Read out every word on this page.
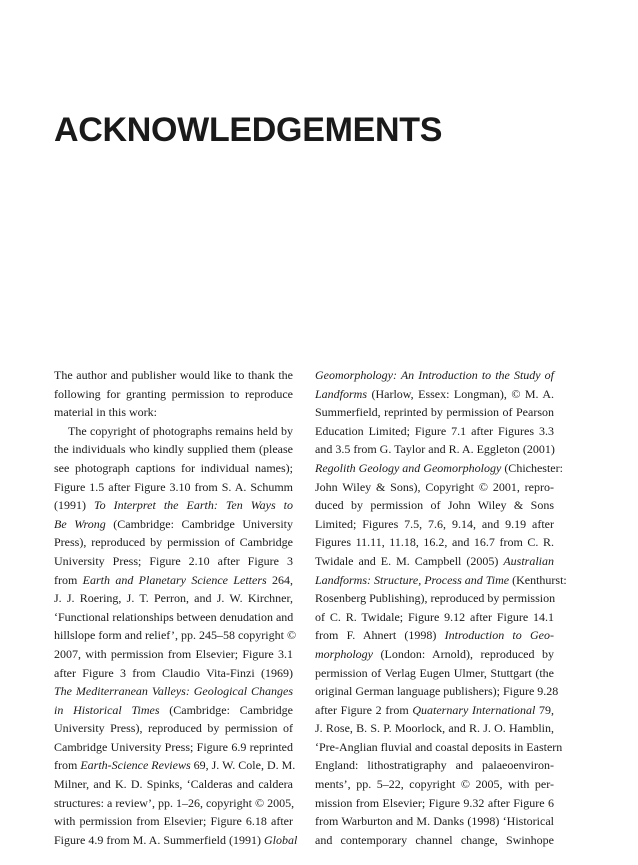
ACKNOWLEDGEMENTS
The author and publisher would like to thank the
following for granting permission to reproduce
material in this work:
The copyright of photographs remains held by
the individuals who kindly supplied them (please
see photograph captions for individual names);
Figure 1.5 after Figure 3.10 from S. A. Schumm
(1991) To Interpret the Earth: Ten Ways to
Be Wrong (Cambridge: Cambridge University
Press), reproduced by permission of Cambridge
University Press; Figure 2.10 after Figure 3
from Earth and Planetary Science Letters 264,
J. J. Roering, J. T. Perron, and J. W. Kirchner,
‘Functional relationships between denudation and
hillslope form and relief’, pp. 245–58 copyright ©
2007, with permission from Elsevier; Figure 3.1
after Figure 3 from Claudio Vita-Finzi (1969)
The Mediterranean Valleys: Geological Changes
in Historical Times (Cambridge: Cambridge
University Press), reproduced by permission of
Cambridge University Press; Figure 6.9 reprinted
from Earth-Science Reviews 69, J. W. Cole, D. M.
Milner, and K. D. Spinks, ‘Calderas and caldera
structures: a review’, pp. 1–26, copyright © 2005,
with permission from Elsevier; Figure 6.18 after
Figure 4.9 from M. A. Summerfield (1991) Global
Geomorphology: An Introduction to the Study of
Landforms (Harlow, Essex: Longman), © M. A.
Summerfield, reprinted by permission of Pearson
Education Limited; Figure 7.1 after Figures 3.3
and 3.5 from G. Taylor and R. A. Eggleton (2001)
Regolith Geology and Geomorphology (Chichester:
John Wiley & Sons), Copyright © 2001, repro-
duced by permission of John Wiley & Sons
Limited; Figures 7.5, 7.6, 9.14, and 9.19 after
Figures 11.11, 11.18, 16.2, and 16.7 from C. R.
Twidale and E. M. Campbell (2005) Australian
Landforms: Structure, Process and Time (Kenthurst:
Rosenberg Publishing), reproduced by permission
of C. R. Twidale; Figure 9.12 after Figure 14.1
from F. Ahnert (1998) Introduction to Geo-
morphology (London: Arnold), reproduced by
permission of Verlag Eugen Ulmer, Stuttgart (the
original German language publishers); Figure 9.28
after Figure 2 from Quaternary International 79,
J. Rose, B. S. P. Moorlock, and R. J. O. Hamblin,
‘Pre-Anglian fluvial and coastal deposits in Eastern
England: lithostratigraphy and palaeoenviron-
ments’, pp. 5–22, copyright © 2005, with per-
mission from Elsevier; Figure 9.32 after Figure 6
from Warburton and M. Danks (1998) ‘Historical
and contemporary channel change, Swinhope
